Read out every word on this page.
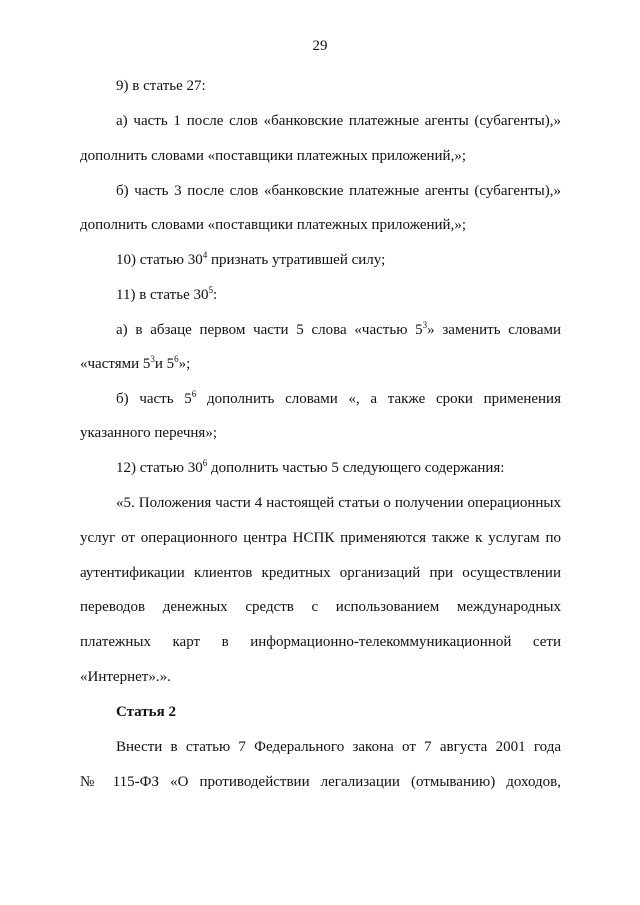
29
9) в статье 27:
а) часть 1 после слов «банковские платежные агенты (субагенты),»
дополнить словами «поставщики платежных приложений,»;
б) часть 3 после слов «банковские платежные агенты (субагенты),»
дополнить словами «поставщики платежных приложений,»;
10) статью $30^4$ признать утратившей силу;
11) в статье $30^5$:
а) в абзаце первом части 5 слова «частью $5^3$» заменить словами
«частями $5^3и$ $5^6$»;
б) часть $5^6$ дополнить словами «, а также сроки применения
указанного перечня»;
12) статью $30^6$ дополнить частью 5 следующего содержания:
«5. Положения части 4 настоящей статьи о получении операционных
услуг от операционного центра НСПК применяются также к услугам по
аутентификации клиентов кредитных организаций при осуществлении
переводов денежных средств с использованием международных
платежных карт в информационно-телекоммуникационной сети
«Интернет».».
Статья 2
Внести в статью 7 Федерального закона от 7 августа 2001 года
№ 115-ФЗ «О противодействии легализации (отмыванию) доходов,
